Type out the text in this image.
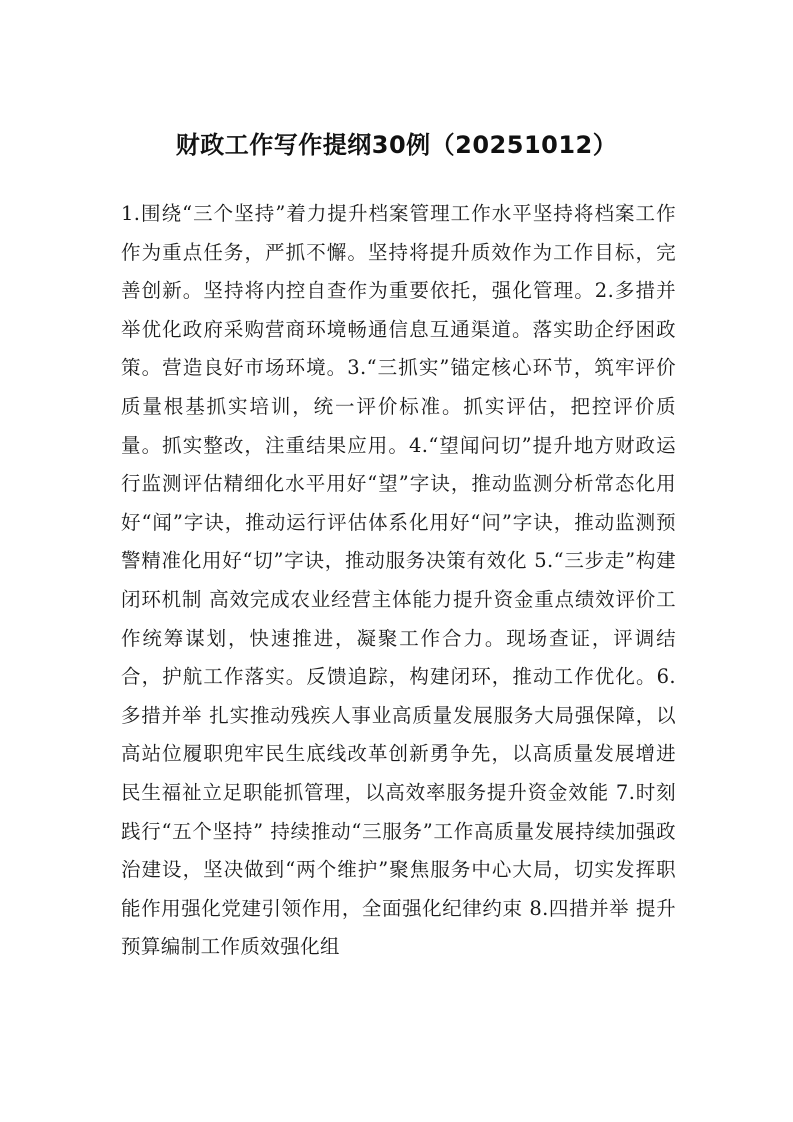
财政工作写作提纲30例（20251012）

1.围绕“三个坚持”着力提升档案管理工作水平坚持将档案工作作为重点任务，严抓不懈。坚持将提升质效作为工作目标，完善创新。坚持将内控自查作为重要依托，强化管理。2.多措并举优化政府采购营商环境畅通信息互通渠道。落实助企纾困政策。营造良好市场环境。3.“三抓实”锚定核心环节，筑牢评价质量根基抓实培训，统一评价标准。抓实评估，把控评价质量。抓实整改，注重结果应用。4.“望闻问切”提升地方财政运行监测评估精细化水平用好“望”字诀，推动监测分析常态化用好“闻”字诀，推动运行评估体系化用好“问”字诀，推动监测预警精准化用好“切”字诀，推动服务决策有效化 5.“三步走”构建闭环机制 高效完成农业经营主体能力提升资金重点绩效评价工作统筹谋划，快速推进，凝聚工作合力。现场查证，评调结合，护航工作落实。反馈追踪，构建闭环，推动工作优化。6.多措并举 扎实推动残疾人事业高质量发展服务大局强保障，以高站位履职兜牢民生底线改革创新勇争先，以高质量发展增进民生福祉立足职能抓管理，以高效率服务提升资金效能 7.时刻践行“五个坚持” 持续推动“三服务”工作高质量发展持续加强政治建设，坚决做到“两个维护”聚焦服务中心大局，切实发挥职能作用强化党建引领作用，全面强化纪律约束 8.四措并举 提升预算编制工作质效强化组
